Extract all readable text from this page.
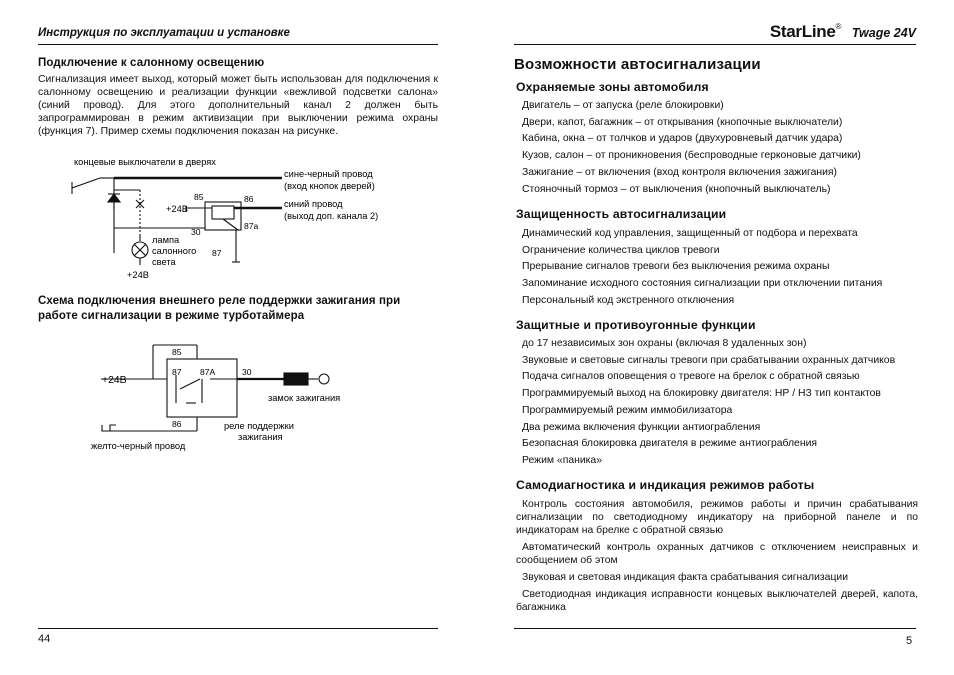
Инструкция по эксплуатации и установке
Подключение к салонному освещению
Сигнализация имеет выход, который может быть использован для подключения к салонному освещению и реализации функции «вежливой подсветки салона» (синий провод). Для этого дополнительный канал 2 должен быть запрограммирован в режим активизации при выключении режима охраны (функция 7). Пример схемы подключения показан на рисунке.
концевые выключатели в дверях
+24В
85	86
30
87а
87
сине-черный провод
(вход кнопок дверей)
синий провод
(выход доп. канала 2)
лампа
салонного
света
+24В
Схема подключения внешнего реле поддержки зажигания при
работе сигнализации в режиме турботаймера
+24В
85
87 87А	30
86
замок зажигания
реле поддержки
зажигания
желто-черный провод
44
StarLine® Twage 24V
Возможности автосигнализации
Охраняемые зоны автомобиля
Двигатель – от запуска (реле блокировки)
Двери, капот, багажник – от открывания (кнопочные выключатели)
Кабина, окна – от толчков и ударов (двухуровневый датчик удара)
Кузов, салон – от проникновения (беспроводные герконовые датчики)
Зажигание – от включения (вход контроля включения зажигания)
Стояночный тормоз – от выключения (кнопочный выключатель)
Защищенность автосигнализации
Динамический код управления, защищенный от подбора и перехвата
Ограничение количества циклов тревоги
Прерывание сигналов тревоги без выключения режима охраны
Запоминание исходного состояния сигнализации при отключении питания
Персональный код экстренного отключения
Защитные и противоугонные функции
до 17 независимых зон охраны (включая 8 удаленных зон)
Звуковые и световые сигналы тревоги при срабатывании охранных датчиков
Подача сигналов оповещения о тревоге на брелок с обратной связью
Программируемый выход на блокировку двигателя: НР / НЗ тип контактов
Программируемый режим иммобилизатора
Два режима включения функции антиограбления
Безопасная блокировка двигателя в режиме антиограбления
Режим «паника»
Самодиагностика и индикация режимов работы
Контроль состояния автомобиля, режимов работы и причин срабатывания сигнализации по светодиодному индикатору на приборной панеле и по индикаторам на брелке с обратной связью
Автоматический контроль охранных датчиков с отключением неисправных и сообщением об этом
Звуковая и световая индикация факта срабатывания сигнализации
Светодиодная индикация исправности концевых выключателей дверей, капота, багажника
5
